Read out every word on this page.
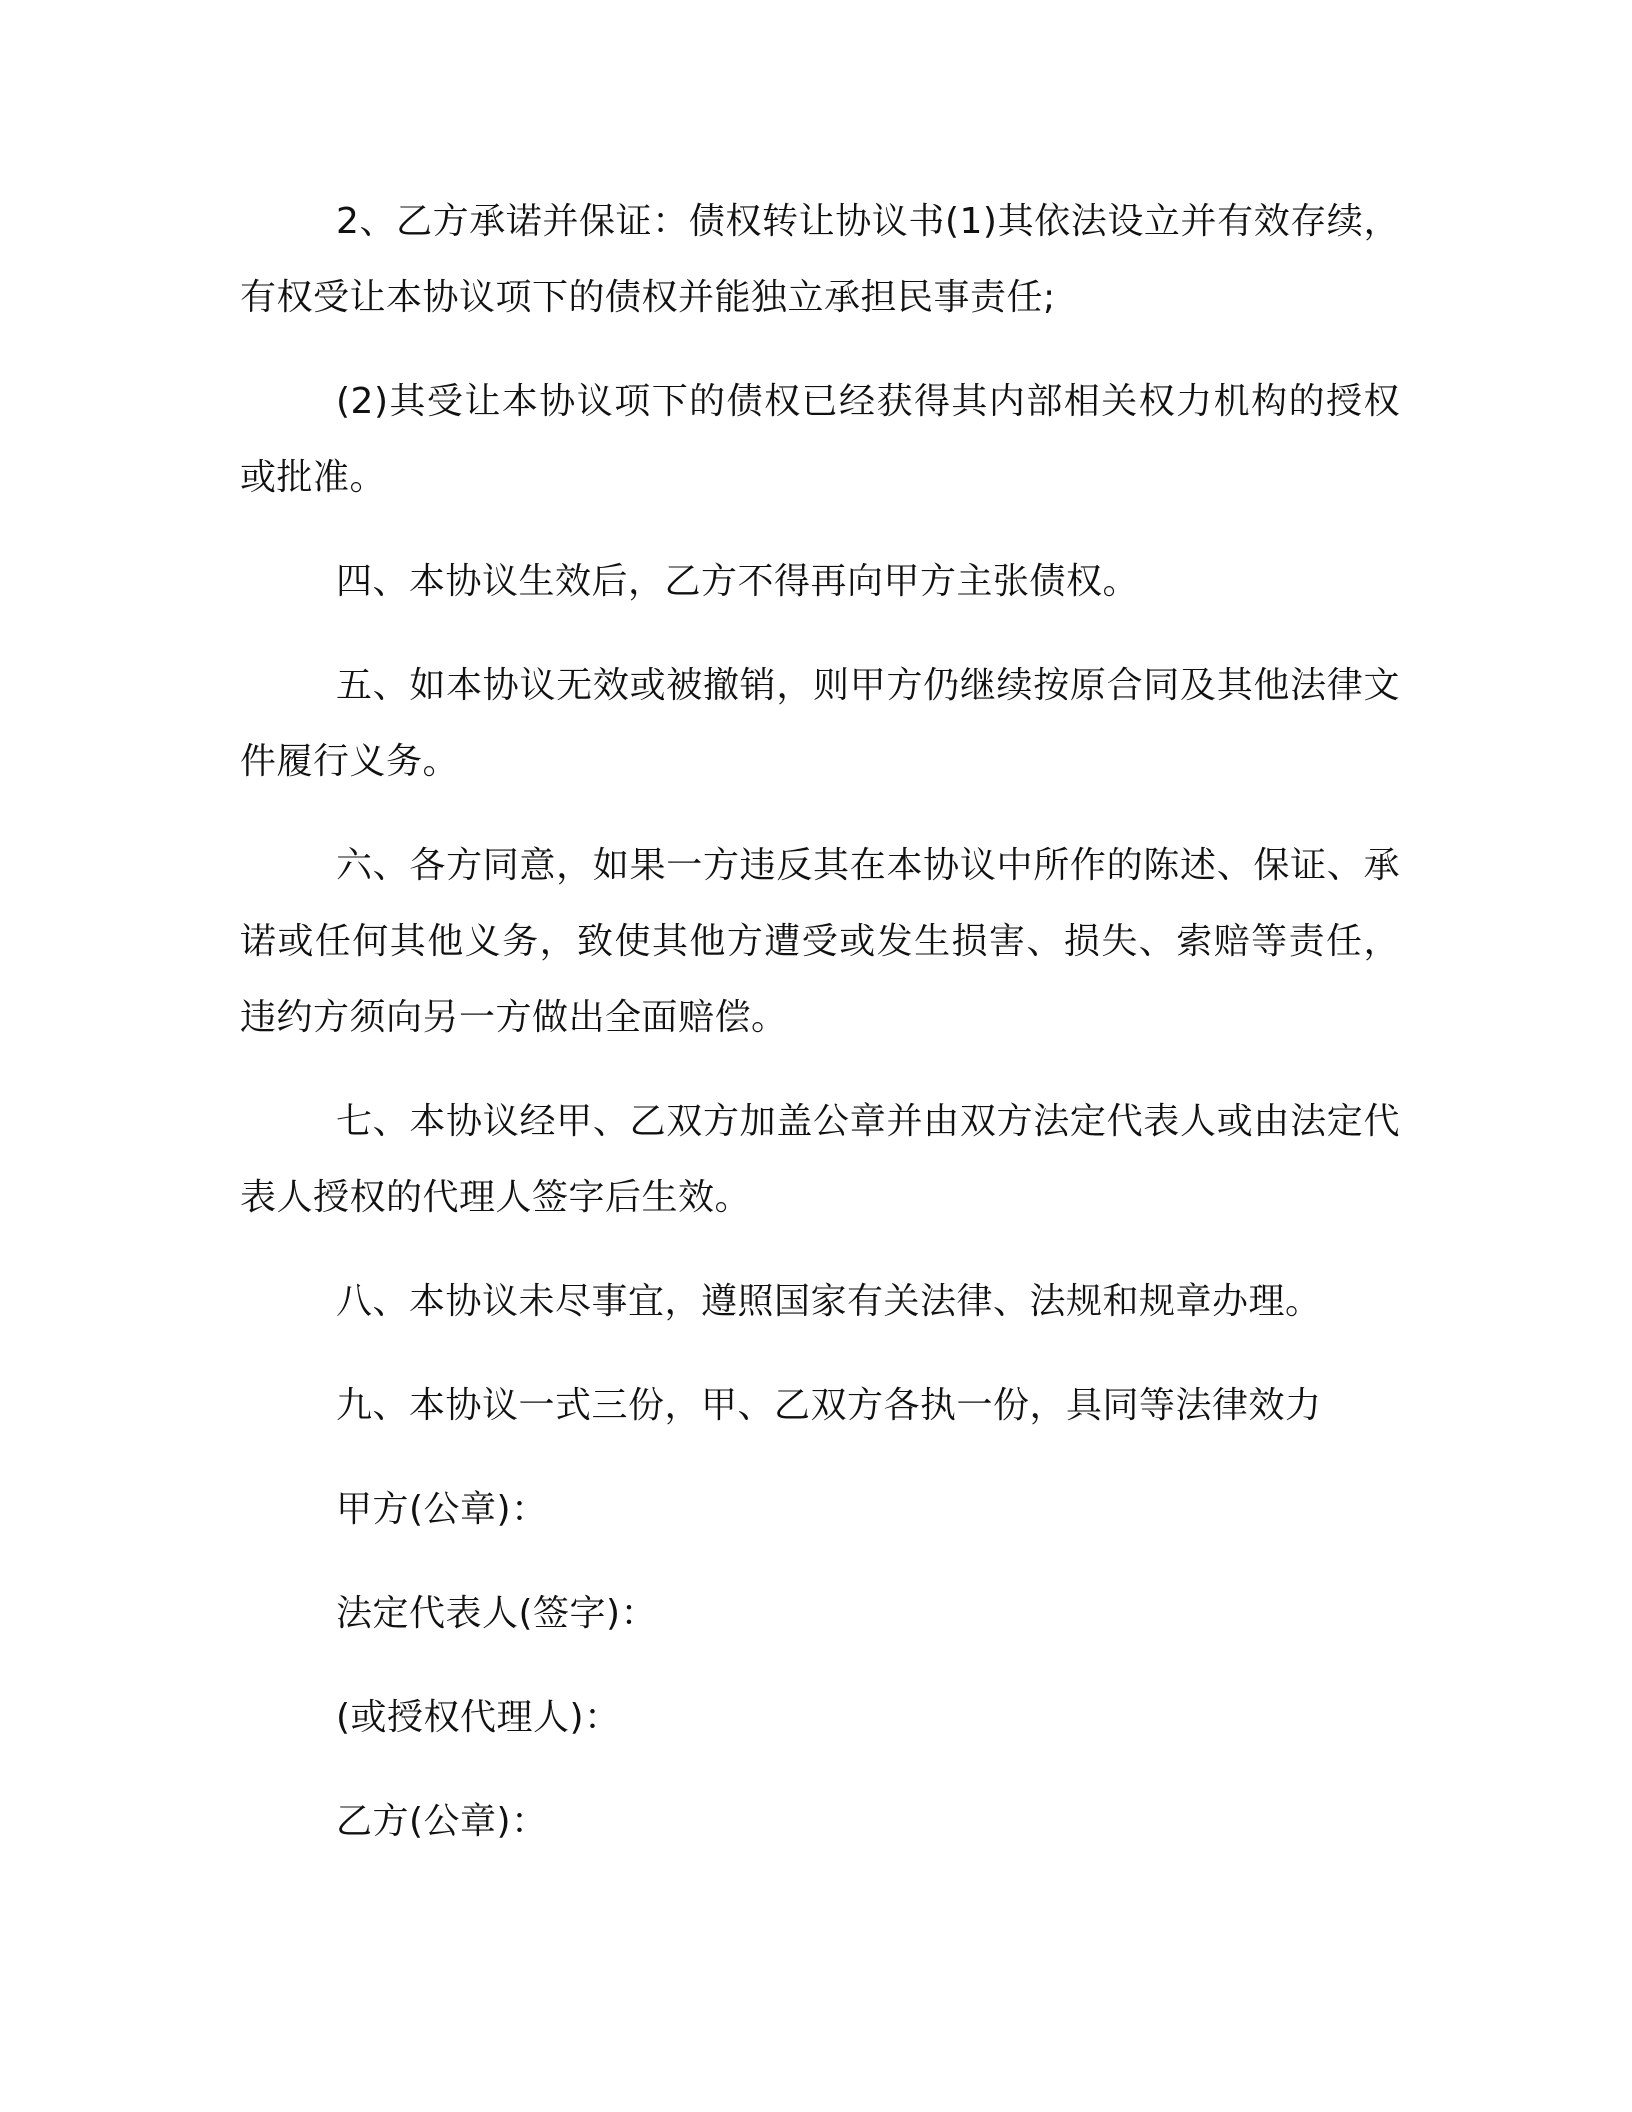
2、乙方承诺并保证：债权转让协议书(1)其依法设立并有效存续，有权受让本协议项下的债权并能独立承担民事责任;

(2)其受让本协议项下的债权已经获得其内部相关权力机构的授权或批准。

四、本协议生效后，乙方不得再向甲方主张债权。

五、如本协议无效或被撤销，则甲方仍继续按原合同及其他法律文件履行义务。

六、各方同意，如果一方违反其在本协议中所作的陈述、保证、承诺或任何其他义务，致使其他方遭受或发生损害、损失、索赔等责任，违约方须向另一方做出全面赔偿。

七、本协议经甲、乙双方加盖公章并由双方法定代表人或由法定代表人授权的代理人签字后生效。

八、本协议未尽事宜，遵照国家有关法律、法规和规章办理。

九、本协议一式三份，甲、乙双方各执一份，具同等法律效力

甲方(公章)：
法定代表人(签字)：
(或授权代理人)：
乙方(公章)：
